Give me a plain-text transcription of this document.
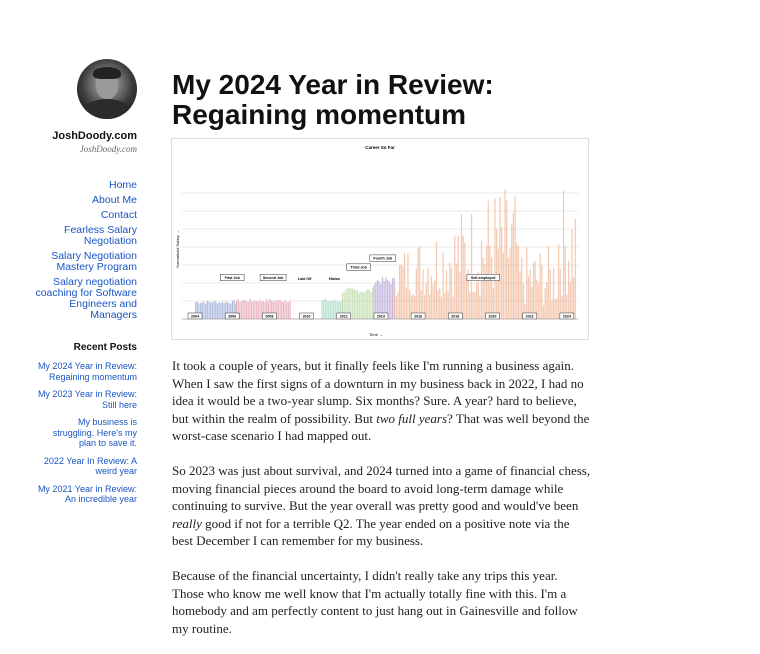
JoshDoody.com
JoshDoody.com
Home
About Me
Contact
Fearless Salary Negotiation
Salary Negotiation Mastery Program
Salary negotiation coaching for Software Engineers and Managers
Recent Posts
My 2024 Year in Review: Regaining momentum
My 2023 Year in Review: Still here
My business is struggling. Here's my plan to save it.
2022 Year In Review: A weird year
My 2021 Year in Review: An incredible year
My 2024 Year in Review: Regaining momentum
Career So Far
Normalized Salary →
Time →
2004	2006	2008	2010	2012	2014	2016	2018	2020	2022	2024
First Job	Second Job	Laid Off	Hiatus
Third Job
Fourth Job
Self-employed

It took a couple of years, but it finally feels like I'm running a business again. When I saw the first signs of a downturn in my business back in 2022, I had no idea it would be a two-year slump. Six months? Sure. A year? hard to believe, but within the realm of possibility. But two full years? That was well beyond the worst-case scenario I had mapped out.

So 2023 was just about survival, and 2024 turned into a game of financial chess, moving financial pieces around the board to avoid long-term damage while continuing to survive. But the year overall was pretty good and would've been really good if not for a terrible Q2. The year ended on a positive note via the best December I can remember for my business.

Because of the financial uncertainty, I didn't really take any trips this year. Those who know me well know that I'm actually totally fine with this. I'm a homebody and am perfectly content to just hang out in Gainesville and follow my routine.
